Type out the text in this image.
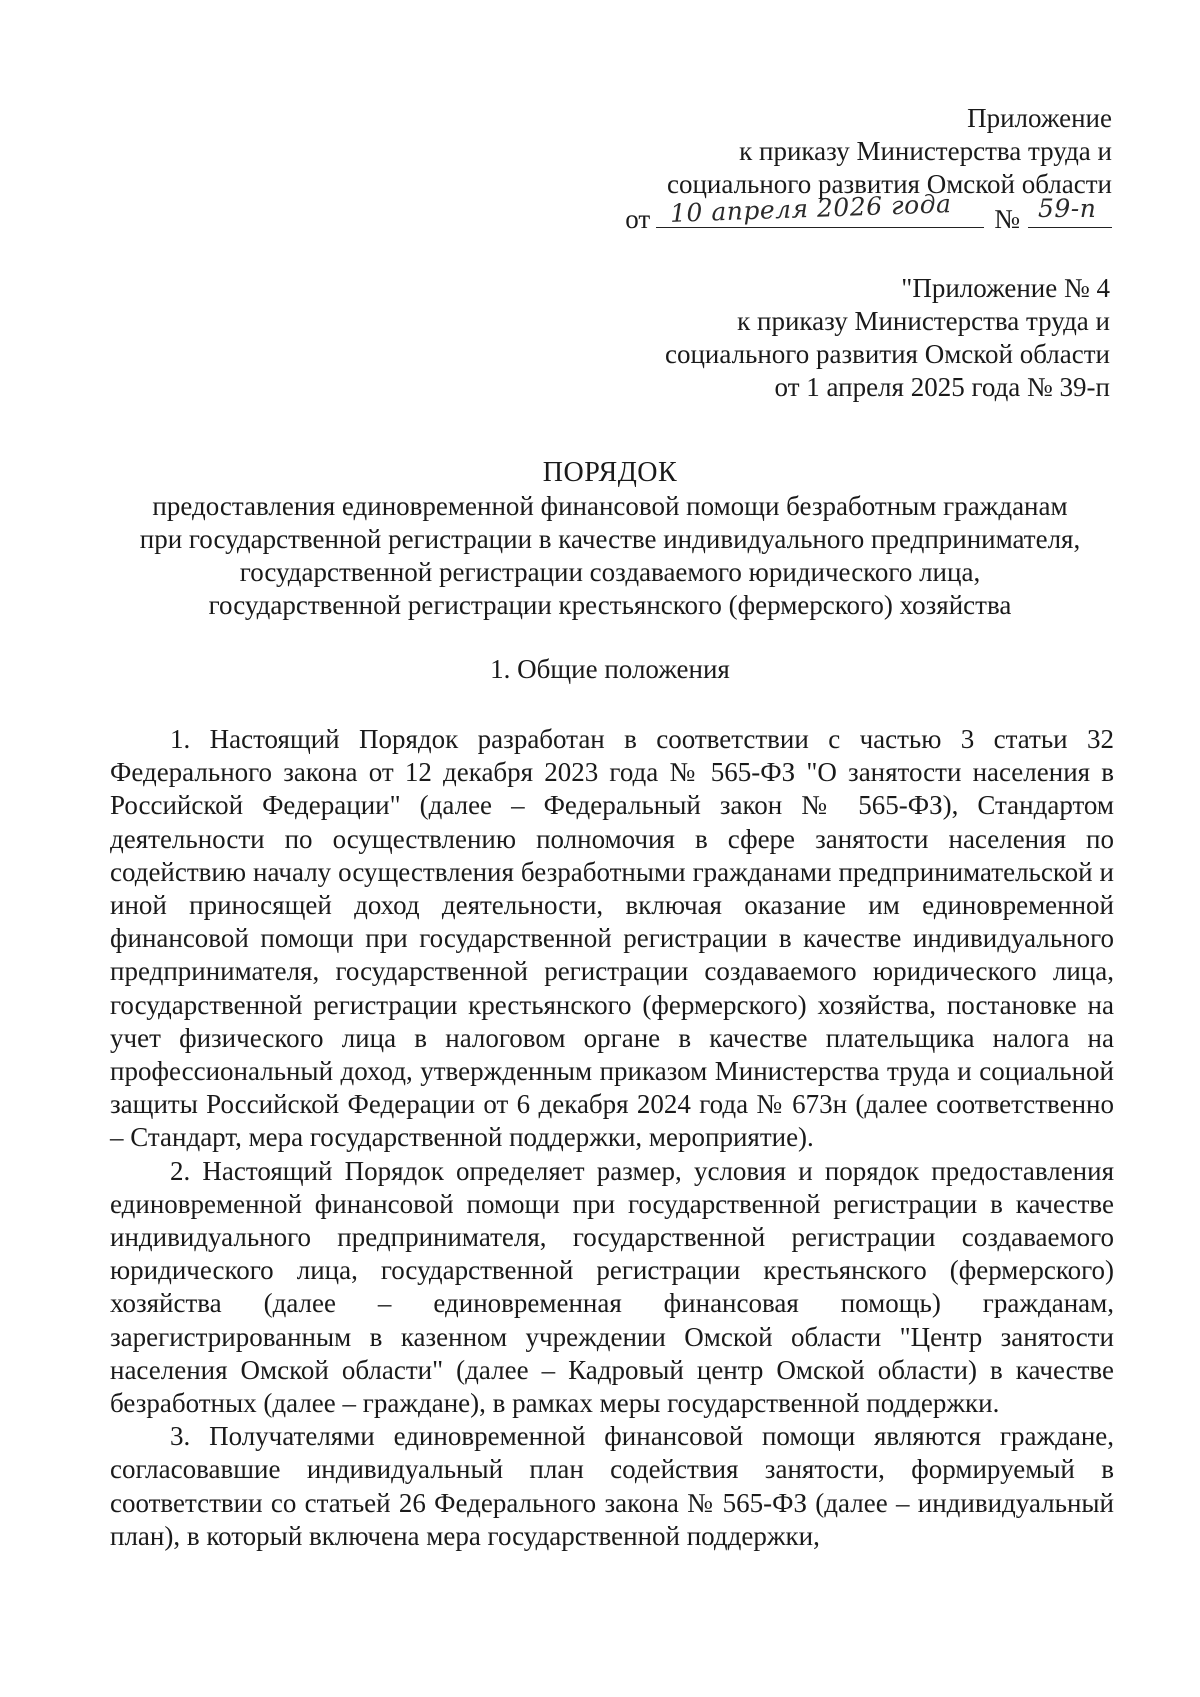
Приложение
к приказу Министерства труда и
социального развития Омской области
от 10 апреля 2026 года № 59-п
"Приложение № 4
к приказу Министерства труда и
социального развития Омской области
от 1 апреля 2025 года № 39-п
ПОРЯДОК
предоставления единовременной финансовой помощи безработным гражданам
при государственной регистрации в качестве индивидуального предпринимателя,
государственной регистрации создаваемого юридического лица,
государственной регистрации крестьянского (фермерского) хозяйства
1. Общие положения

1. Настоящий Порядок разработан в соответствии с частью 3 статьи 32 Федерального закона от 12 декабря 2023 года № 565-ФЗ "О занятости населения в Российской Федерации" (далее – Федеральный закон № 565-ФЗ), Стандартом деятельности по осуществлению полномочия в сфере занятости населения по содействию началу осуществления безработными гражданами предпринимательской и иной приносящей доход деятельности, включая оказание им единовременной финансовой помощи при государственной регистрации в качестве индивидуального предпринимателя, государственной регистрации создаваемого юридического лица, государственной регистрации крестьянского (фермерского) хозяйства, постановке на учет физического лица в налоговом органе в качестве плательщика налога на профессиональный доход, утвержденным приказом Министерства труда и социальной защиты Российской Федерации от 6 декабря 2024 года № 673н (далее соответственно – Стандарт, мера государственной поддержки, мероприятие).

2. Настоящий Порядок определяет размер, условия и порядок предоставления единовременной финансовой помощи при государственной регистрации в качестве индивидуального предпринимателя, государственной регистрации создаваемого юридического лица, государственной регистрации крестьянского (фермерского) хозяйства (далее – единовременная финансовая помощь) гражданам, зарегистрированным в казенном учреждении Омской области "Центр занятости населения Омской области" (далее – Кадровый центр Омской области) в качестве безработных (далее – граждане), в рамках меры государственной поддержки.

3. Получателями единовременной финансовой помощи являются граждане, согласовавшие индивидуальный план содействия занятости, формируемый в соответствии со статьей 26 Федерального закона № 565-ФЗ (далее – индивидуальный план), в который включена мера государственной поддержки,
